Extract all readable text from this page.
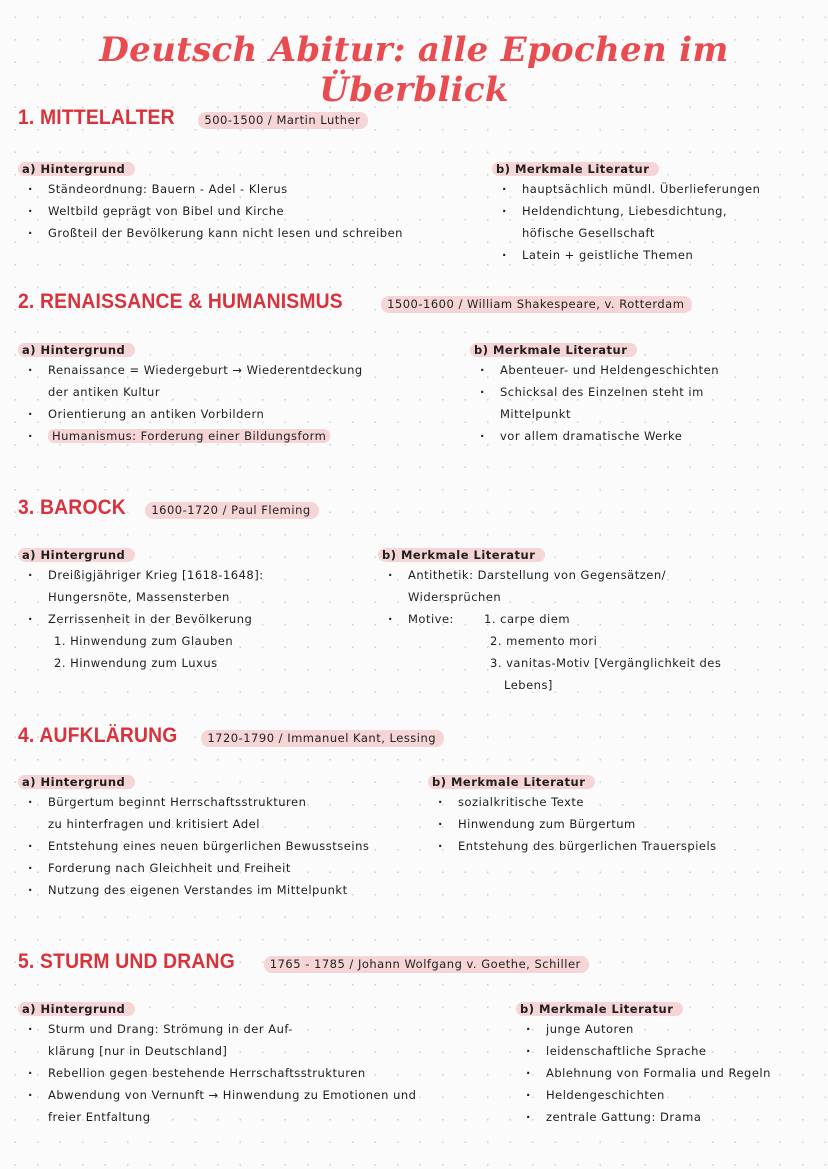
Deutsch Abitur: alle Epochen im Überblick
1. MITTELALTER	500-1500 / Martin Luther
a) Hintergrund
· Ständeordnung: Bauern - Adel - Klerus
· Weltbild geprägt von Bibel und Kirche
· Großteil der Bevölkerung kann nicht lesen und schreiben
b) Merkmale Literatur
· hauptsächlich mündl. Überlieferungen
· Heldendichtung, Liebesdichtung,
höfische Gesellschaft
· Latein + geistliche Themen
2. RENAISSANCE & HUMANISMUS	1500-1600 / William Shakespeare, v. Rotterdam
a) Hintergrund
· Renaissance = Wiedergeburt → Wiederentdeckung
der antiken Kultur
· Orientierung an antiken Vorbildern
· Humanismus: Forderung einer Bildungsform
b) Merkmale Literatur
· Abenteuer- und Heldengeschichten
· Schicksal des Einzelnen steht im
Mittelpunkt
· vor allem dramatische Werke
3. BAROCK	1600-1720 / Paul Fleming
a) Hintergrund
· Dreißigjähriger Krieg [1618-1648]:
Hungersnöte, Massensterben
· Zerrissenheit in der Bevölkerung
1. Hinwendung zum Glauben
2. Hinwendung zum Luxus
b) Merkmale Literatur
· Antithetik: Darstellung von Gegensätzen/
Widersprüchen
· Motive:	1. carpe diem
2. memento mori
3. vanitas-Motiv [Vergänglichkeit des
Lebens]
4. AUFKLÄRUNG	1720-1790 / Immanuel Kant, Lessing
a) Hintergrund
· Bürgertum beginnt Herrschaftsstrukturen
zu hinterfragen und kritisiert Adel
· Entstehung eines neuen bürgerlichen Bewusstseins
· Forderung nach Gleichheit und Freiheit
· Nutzung des eigenen Verstandes im Mittelpunkt
b) Merkmale Literatur
· sozialkritische Texte
· Hinwendung zum Bürgertum
· Entstehung des bürgerlichen Trauerspiels
5. STURM UND DRANG	1765 - 1785 / Johann Wolfgang v. Goethe, Schiller
a) Hintergrund
· Sturm und Drang: Strömung in der Auf-
klärung [nur in Deutschland]
· Rebellion gegen bestehende Herrschaftsstrukturen
· Abwendung von Vernunft → Hinwendung zu Emotionen und
freier Entfaltung
b) Merkmale Literatur
· junge Autoren
· leidenschaftliche Sprache
· Ablehnung von Formalia und Regeln
· Heldengeschichten
· zentrale Gattung: Drama
